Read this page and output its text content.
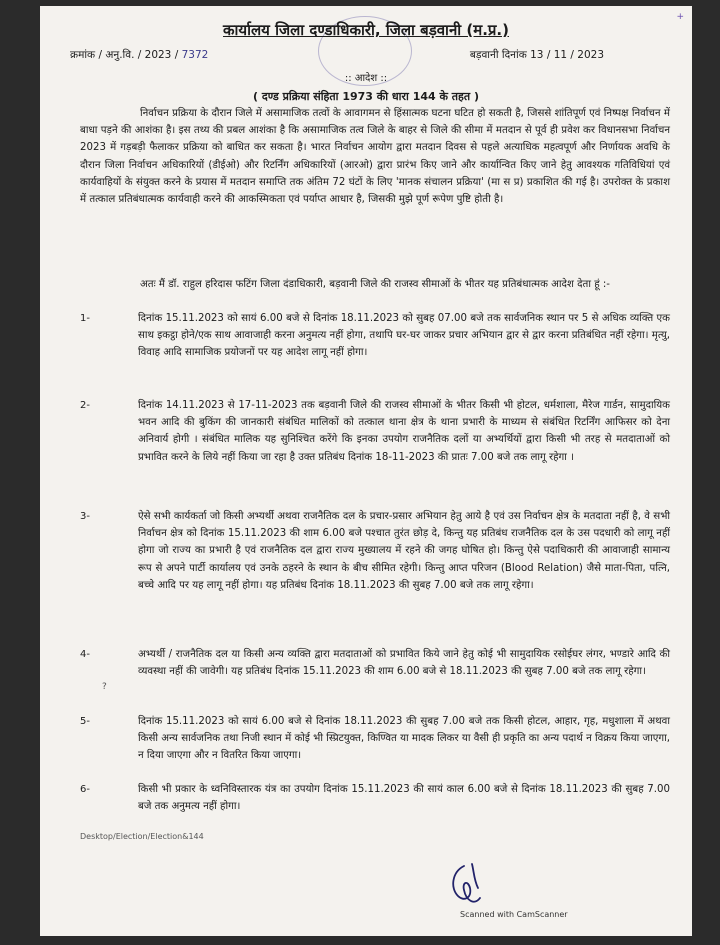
+

कार्यालय जिला दण्डाधिकारी, जिला बड़वानी (म.प्र.)
क्रमांक / अनु.वि. / 2023 / 7372	बड़वानी दिनांक 13 / 11 / 2023
:: आदेश ::
( दण्ड प्रक्रिया संहिता 1973 की धारा 144 के तहत )
निर्वाचन प्रक्रिया के दौरान जिले में असामाजिक तत्वों के आवागमन से हिंसात्मक घटना घटित हो सकती है, जिससे शांतिपूर्ण एवं निष्पक्ष निर्वाचन में बाधा पड़ने की आशंका है। इस तथ्य की प्रबल आशंका है कि असामाजिक तत्व जिले के बाहर से जिले की सीमा में मतदान से पूर्व ही प्रवेश कर विधानसभा निर्वाचन 2023 में गड़बड़ी फैलाकर प्रक्रिया को बाधित कर सकता है। भारत निर्वाचन आयोग द्वारा मतदान दिवस से पहले अत्याधिक महत्वपूर्ण और निर्णायक अवधि के दौरान जिला निर्वाचन अधिकारियों (डीईओ) और रिटर्निंग अधिकारियों (आरओ) द्वारा प्रारंभ किए जाने और कार्यान्वित किए जाने हेतु आवश्यक गतिविधियां एवं कार्यवाहियों के संयुक्त करने के प्रयास में मतदान समाप्ति तक अंतिम 72 घंटों के लिए 'मानक संचालन प्रक्रिया' (मा स प्र) प्रकाशित की गई है। उपरोक्त के प्रकाश में तत्काल प्रतिबंधात्मक कार्यवाही करने की आकस्मिकता एवं पर्याप्त आधार है, जिसकी मुझे पूर्ण रूपेण पुष्टि होती है।
अतः मैं डॉ. राहुल हरिदास फटिंग जिला दंडाधिकारी, बड़वानी जिले की राजस्व सीमाओं के भीतर यह प्रतिबंधात्मक आदेश देता हूं :-
1-	दिनांक 15.11.2023 को सायं 6.00 बजे से दिनांक 18.11.2023 को सुबह 07.00 बजे तक सार्वजनिक स्थान पर 5 से अधिक व्यक्ति एक साथ इकट्ठा होने/एक साथ आवाजाही करना अनुमत्य नहीं होगा, तथापि घर-घर जाकर प्रचार अभियान द्वार से द्वार करना प्रतिबंधित नहीं रहेगा। मृत्यु, विवाह आदि सामाजिक प्रयोजनों पर यह आदेश लागू नहीं होगा।
2-	दिनांक 14.11.2023 से 17-11-2023 तक बड़वानी जिले की राजस्व सीमाओं के भीतर किसी भी होटल, धर्मशाला, मैरेज गार्डन, सामुदायिक भवन आदि की बुकिंग की जानकारी संबंधित मालिकों को तत्काल थाना क्षेत्र के थाना प्रभारी के माध्यम से संबंधित रिटर्निंग आफिसर को देना अनिवार्य होगी । संबंधित मालिक यह सुनिश्चित करेंगे कि इनका उपयोग राजनैतिक दलों या अभ्यर्थियों द्वारा किसी भी तरह से मतदाताओं को प्रभावित करने के लिये नहीं किया जा रहा है उक्त प्रतिबंध दिनांक 18-11-2023 की प्रातः 7.00 बजे तक लागू रहेगा ।
3-	ऐसे सभी कार्यकर्ता जो किसी अभ्यर्थी अथवा राजनैतिक दल के प्रचार-प्रसार अभियान हेतु आये है एवं उस निर्वाचन क्षेत्र के मतदाता नहीं है, वे सभी निर्वाचन क्षेत्र को दिनांक 15.11.2023 की शाम 6.00 बजे पश्चात तुरंत छोड़ दे, किन्तु यह प्रतिबंध राजनैतिक दल के उस पदधारी को लागू नहीं होगा जो राज्य का प्रभारी है एवं राजनैतिक दल द्वारा राज्य मुख्यालय में रहने की जगह घोषित हो। किन्तु ऐसे पदाधिकारी की आवाजाही सामान्य रूप से अपने पार्टी कार्यालय एवं उनके ठहरने के स्थान के बीच सीमित रहेगी। किन्तु आप्त परिजन (Blood Relation) जैसे माता-पिता, पत्नि, बच्चे आदि पर यह लागू नहीं होगा। यह प्रतिबंध दिनांक 18.11.2023 की सुबह 7.00 बजे तक लागू रहेगा।
4-	अभ्यर्थी / राजनैतिक दल या किसी अन्य व्यक्ति द्वारा मतदाताओं को प्रभावित किये जाने हेतु कोई भी सामुदायिक रसोईघर लंगर, भण्डारे आदि की व्यवस्था नहीं की जावेगी। यह प्रतिबंध दिनांक 15.11.2023 की शाम 6.00 बजे से 18.11.2023 की सुबह 7.00 बजे तक लागू रहेगा।
?
5-	दिनांक 15.11.2023 को सायं 6.00 बजे से दिनांक 18.11.2023 की सुबह 7.00 बजे तक किसी होटल, आहार, गृह, मधुशाला में अथवा किसी अन्य सार्वजनिक तथा निजी स्थान में कोई भी स्प्रिटयुक्त, किण्वित या मादक लिकर या वैसी ही प्रकृति का अन्य पदार्थ न विक्रय किया जाएगा, न दिया जाएगा और न वितरित किया जाएगा।
6-	किसी भी प्रकार के ध्वनिविस्तारक यंत्र का उपयोग दिनांक 15.11.2023 की सायं काल 6.00 बजे से दिनांक 18.11.2023 की सुबह 7.00 बजे तक अनुमत्य नहीं होगा।
Desktop/Election/Election&144
Scanned with CamScanner
